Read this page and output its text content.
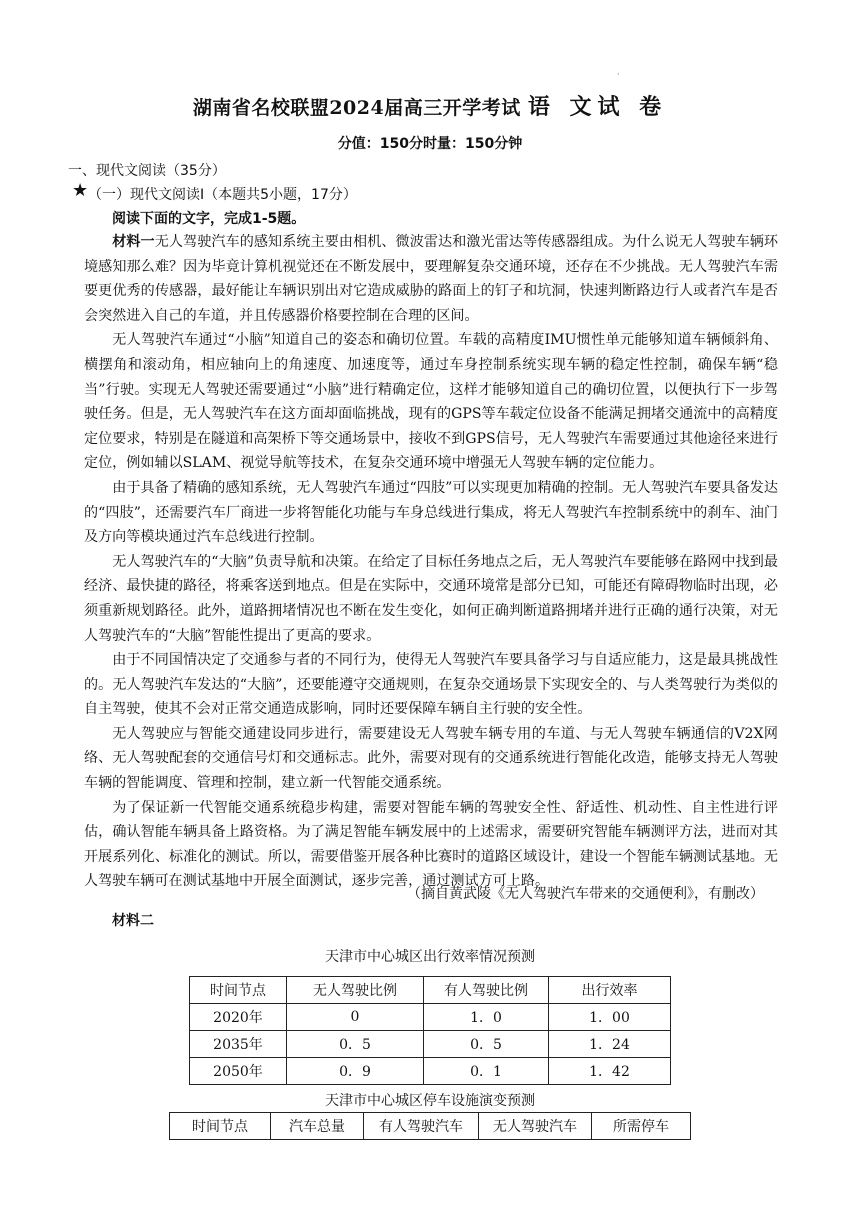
·
湖南省名校联盟2024届高三开学考试 语 文试 卷
分值：150分时量：150分钟
一、现代文阅读（35分）
★ （一）现代文阅读Ⅰ（本题共5小题，17分）
阅读下面的文字，完成1-5题。

材料一无人驾驶汽车的感知系统主要由相机、微波雷达和激光雷达等传感器组成。为什么说无人驾驶车辆环境感知那么难？因为毕竟计算机视觉还在不断发展中，要理解复杂交通环境，还存在不少挑战。无人驾驶汽车需要更优秀的传感器，最好能让车辆识别出对它造成威胁的路面上的钉子和坑洞，快速判断路边行人或者汽车是否会突然进入自己的车道，并且传感器价格要控制在合理的区间。

无人驾驶汽车通过“小脑”知道自己的姿态和确切位置。车载的高精度IMU惯性单元能够知道车辆倾斜角、横摆角和滚动角，相应轴向上的角速度、加速度等，通过车身控制系统实现车辆的稳定性控制，确保车辆“稳当”行驶。实现无人驾驶还需要通过“小脑”进行精确定位，这样才能够知道自己的确切位置，以便执行下一步驾驶任务。但是，无人驾驶汽车在这方面却面临挑战，现有的GPS等车载定位设备不能满足拥堵交通流中的高精度定位要求，特别是在隧道和高架桥下等交通场景中，接收不到GPS信号，无人驾驶汽车需要通过其他途径来进行定位，例如辅以SLAM、视觉导航等技术，在复杂交通环境中增强无人驾驶车辆的定位能力。

由于具备了精确的感知系统，无人驾驶汽车通过“四肢”可以实现更加精确的控制。无人驾驶汽车要具备发达的“四肢”，还需要汽车厂商进一步将智能化功能与车身总线进行集成，将无人驾驶汽车控制系统中的刹车、油门及方向等模块通过汽车总线进行控制。

无人驾驶汽车的“大脑”负责导航和决策。在给定了目标任务地点之后，无人驾驶汽车要能够在路网中找到最经济、最快捷的路径，将乘客送到地点。但是在实际中，交通环境常是部分已知，可能还有障碍物临时出现，必须重新规划路径。此外，道路拥堵情况也不断在发生变化，如何正确判断道路拥堵并进行正确的通行决策，对无人驾驶汽车的“大脑”智能性提出了更高的要求。

由于不同国情决定了交通参与者的不同行为，使得无人驾驶汽车要具备学习与自适应能力，这是最具挑战性的。无人驾驶汽车发达的“大脑”，还要能遵守交通规则，在复杂交通场景下实现安全的、与人类驾驶行为类似的自主驾驶，使其不会对正常交通造成影响，同时还要保障车辆自主行驶的安全性。

无人驾驶应与智能交通建设同步进行，需要建设无人驾驶车辆专用的车道、与无人驾驶车辆通信的V2X网络、无人驾驶配套的交通信号灯和交通标志。此外，需要对现有的交通系统进行智能化改造，能够支持无人驾驶车辆的智能调度、管理和控制，建立新一代智能交通系统。

为了保证新一代智能交通系统稳步构建，需要对智能车辆的驾驶安全性、舒适性、机动性、自主性进行评估，确认智能车辆具备上路资格。为了满足智能车辆发展中的上述需求，需要研究智能车辆测评方法，进而对其开展系列化、标准化的测试。所以，需要借鉴开展各种比赛时的道路区域设计，建设一个智能车辆测试基地。无人驾驶车辆可在测试基地中开展全面测试，逐步完善，通过测试方可上路。

（摘自黄武陵《无人驾驶汽车带来的交通便利》，有删改）
材料二
天津市中心城区出行效率情况预测
时间节点	无人驾驶比例	有人驾驶比例	出行效率
2020年	0	1．0	1．00
2035年	0．5	0．5	1．24
2050年	0．9	0．1	1．42
天津市中心城区停车设施演变预测
时间节点	汽车总量	有人驾驶汽车	无人驾驶汽车	所需停车
